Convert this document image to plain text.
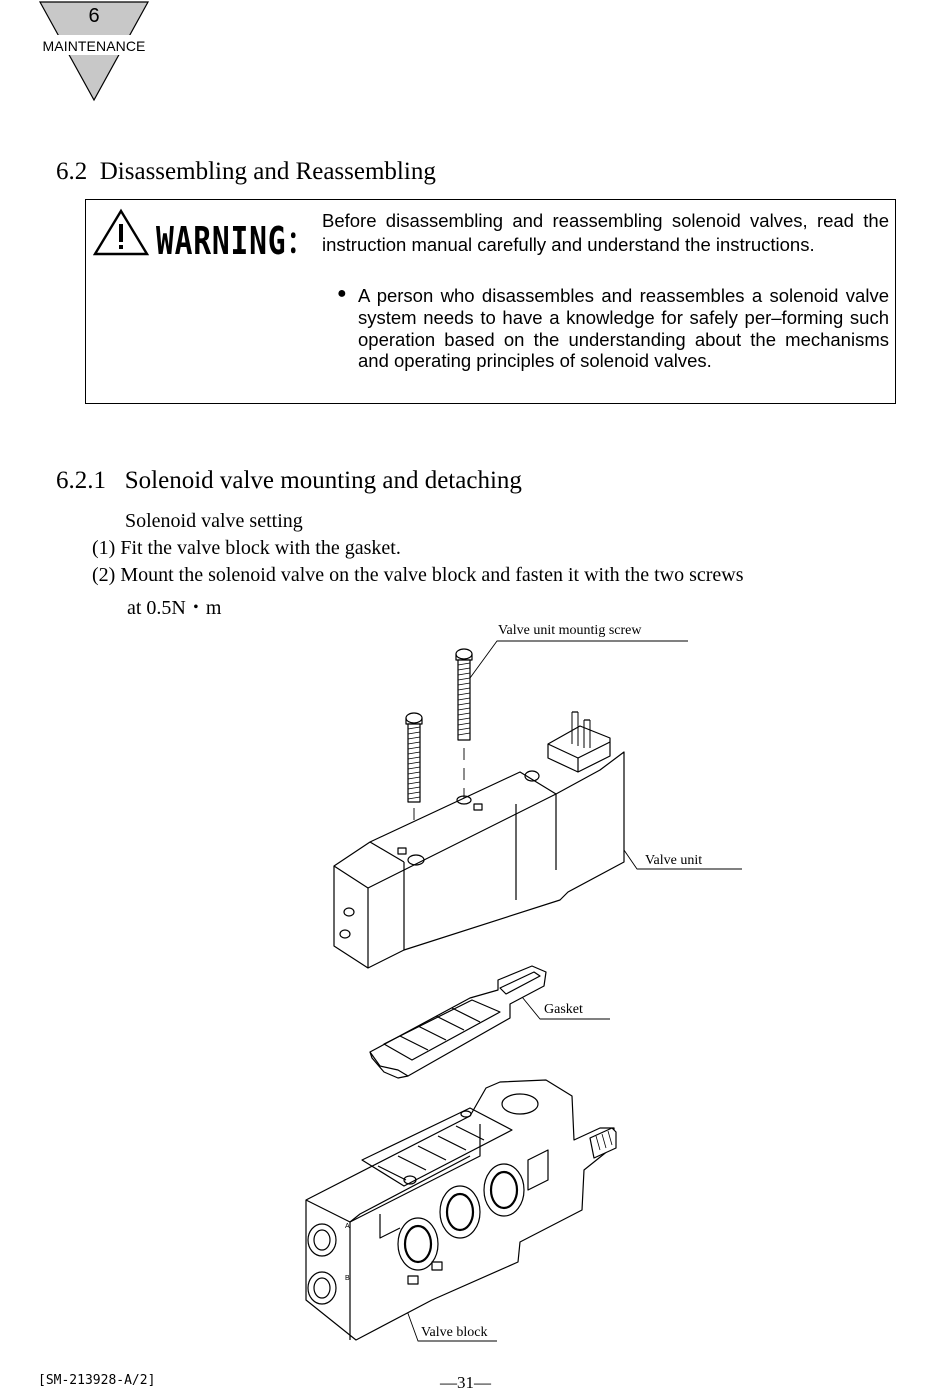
6
MAINTENANCE
6.2 Disassembling and Reassembling
WARNING： Before disassembling and reassembling solenoid valves, read the instruction manual carefully and understand the instructions.
● A person who disassembles and reassembles a solenoid valve system needs to have a knowledge for safely per–forming such operation based on the understanding about the mechanisms and operating principles of solenoid valves.
6.2.1  Solenoid valve mounting and detaching
Solenoid valve setting
(1) Fit the valve block with the gasket.
(2) Mount the solenoid valve on the valve block and fasten it with the two screws
at 0.5N・m
A
B
Valve unit mountig screw
Valve unit
Gasket
Valve block
[SM-213928-A/2]	—31—
